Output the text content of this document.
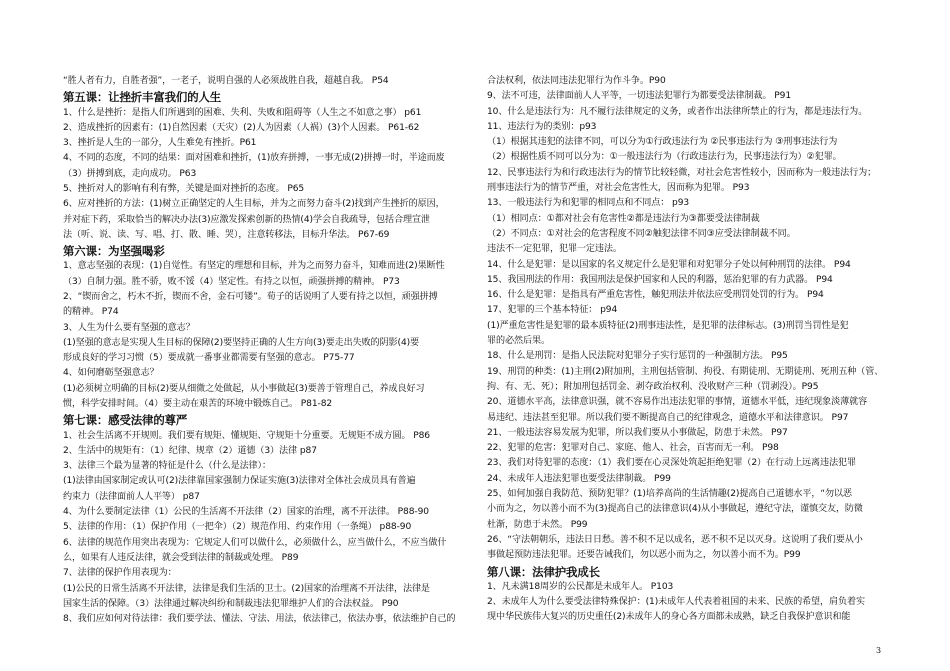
“胜人者有力，自胜者强”，一老子，说明自强的人必须战胜自我，超越自我。 P54
第五课：让挫折丰富我们的人生
1、什么是挫折：是指人们所遇到的困难、失利、失败和阻碍等（人生之不如意之事） p61
2、造成挫折的因素有：(1)自然因素（天灾）(2)人为因素（人祸）(3)个人因素。 P61-62
3、挫折是人生的一部分，人生难免有挫折。P61
4、不同的态度，不同的结果：面对困难和挫折，(1)放弃拼搏，一事无成(2)拼搏一时，半途而废
（3）拼搏到底，走向成功。 P63
5、挫折对人的影响有利有弊，关键是面对挫折的态度。 P65
6、应对挫折的方法：(1)树立正确坚定的人生目标，并为之而努力奋斗(2)找到产生挫折的原因，
并对症下药，采取恰当的解决办法(3)应激发探索创新的热情(4)学会自我疏导，包括合理宣泄
法（听、说、读、写、唱、打、散、睡、哭），注意转移法，目标升华法。 P67-69
第六课：为坚强喝彩
1、意志坚强的表现：(1)自觉性。有坚定的理想和目标，并为之而努力奋斗，知难而进(2)果断性
（3）自制力强。胜不骄，败不馁（4）坚定性。有持之以恒，顽强拼搏的精神。 P73
2、“锲而舍之，朽木不折，锲而不舍，金石可镂”。荀子的话说明了人要有持之以恒，顽强拼搏
的精神。 P74
3、人生为什么要有坚强的意志？
(1)坚强的意志是实现人生目标的保障(2)要坚持正确的人生方向(3)要走出失败的阴影(4)要
形成良好的学习习惯（5）要成就一番事业都需要有坚强的意志。 P75-77
4、如何磨砺坚强意志？
(1)必须树立明确的目标(2)要从细微之处做起，从小事做起(3)要善于管理自己，养成良好习
惯，科学安排时间。（4）要主动在艰苦的环境中锻炼自己。 P81-82
第七课：感受法律的尊严
1、社会生活离不开规则。我们要有规矩、懂规矩、守规矩十分重要。无规矩不成方圆。 P86
2、生活中的规矩有：（1）纪律、规章（2）道德（3）法律 p87
3、法律三个最为显著的特征是什么（什么是法律）：
(1)法律由国家制定或认可(2)法律靠国家强制力保证实施(3)法律对全体社会成员具有普遍
约束力（法律面前人人平等） p87
4、为什么要制定法律（1）公民的生活离不开法律（2）国家的治理，离不开法律。 P88-90
5、法律的作用：（1）保护作用（一把伞）（2）规范作用、约束作用（一条绳） p88-90
6、法律的规范作用突出表现为：它规定人们可以做什么，必须做什么，应当做什么，不应当做什
么，如果有人违反法律，就会受到法律的制裁或处理。 P89
7、法律的保护作用表现为：
(1)公民的日常生活离不开法律，法律是我们生活的卫士。(2)国家的治理离不开法律，法律是
国家生活的保障。（3）法律通过解决纠纷和制裁违法犯罪维护人们的合法权益。 P90
8、我们应如何对待法律：我们要学法、懂法、守法、用法，依法律己，依法办事，依法维护自己的
合法权利，依法同违法犯罪行为作斗争。P90
9、法不可违，法律面前人人平等，一切违法犯罪行为都要受法律制裁。 P91
10、什么是违法行为：凡不履行法律规定的义务，或者作出法律所禁止的行为，都是违法行为。
11、违法行为的类别：p93
（1）根据其违犯的法律不同，可以分为①行政违法行为 ②民事违法行为 ③刑事违法行为
（2）根据性质不同可以分为：①一般违法行为（行政违法行为，民事违法行为）②犯罪。
12、民事违法行为和行政违法行为的情节比较轻微，对社会危害性较小，因而称为一般违法行为；
刑事违法行为的情节严重，对社会危害性大，因而称为犯罪。 P93
13、一般违法行为和犯罪的相同点和不同点： p93
（1）相同点：①都对社会有危害性②都是违法行为③都要受法律制裁
（2）不同点：①对社会的危害程度不同②触犯法律不同③应受法律制裁不同。
违法不一定犯罪，犯罪一定违法。
14、什么是犯罪：是以国家的名义规定什么是犯罪和对犯罪分子处以何种刑罚的法律。 P94
15、我国刑法的作用：我国刑法是保护国家和人民的利器，惩治犯罪的有力武器。 P94
16、什么是犯罪：是指具有严重危害性，触犯刑法并依法应受刑罚处罚的行为。 P94
17、犯罪的三个基本特征： p94
(1)严重危害性是犯罪的最本质特征(2)刑事违法性，是犯罪的法律标志。(3)刑罚当罚性是犯
罪的必然后果。
18、什么是刑罚：是指人民法院对犯罪分子实行惩罚的一种强制方法。 P95
19、刑罚的种类：(1)主刑(2)附加刑，主刑包括管制、拘役、有期徒刑、无期徒刑、死刑五种（管、
拘、有、无、死）；附加刑包括罚金、剥夺政治权利、没收财产三种（罚剥没）。P95
20、道德水平高，法律意识强，就不容易作出违法犯罪的事情，道德水平低，违纪现象淡薄就容
易违纪、违法甚至犯罪。所以我们要不断提高自己的纪律观念，道德水平和法律意识。 P97
21、一般违法容易发展为犯罪，所以我们要从小事做起，防患于未然。 P97
22、犯罪的危害：犯罪对自己、家庭、他人、社会，百害而无一利。 P98
23、我们对待犯罪的态度：（1）我们要在心灵深处筑起拒绝犯罪（2）在行动上远离违法犯罪
24、未成年人违法犯罪也要受法律制裁。 P99
25、如何加强自我防范、预防犯罪？(1)培养高尚的生活情趣(2)提高自己道德水平，“勿以恶
小而为之，勿以善小而不为(3)提高自己的法律意识(4)从小事做起，遵纪守法，谨慎交友，防微
杜渐，防患于未然。 P99
26、“守法朝朝乐，违法日日愁。善不积不足以成名，恶不积不足以灭身。这说明了我们要从小
事做起预防违法犯罪。还要告诫我们，勿以恶小而为之，勿以善小而不为。P99
第八课：法律护我成长
1、凡未满18周岁的公民都是未成年人。 P103
2、未成年人为什么要受法律特殊保护：(1)未成年人代表着祖国的未来、民族的希望，肩负着实
现中华民族伟大复兴的历史重任(2)未成年人的身心各方面都未成熟，缺乏自我保护意识和能
3
